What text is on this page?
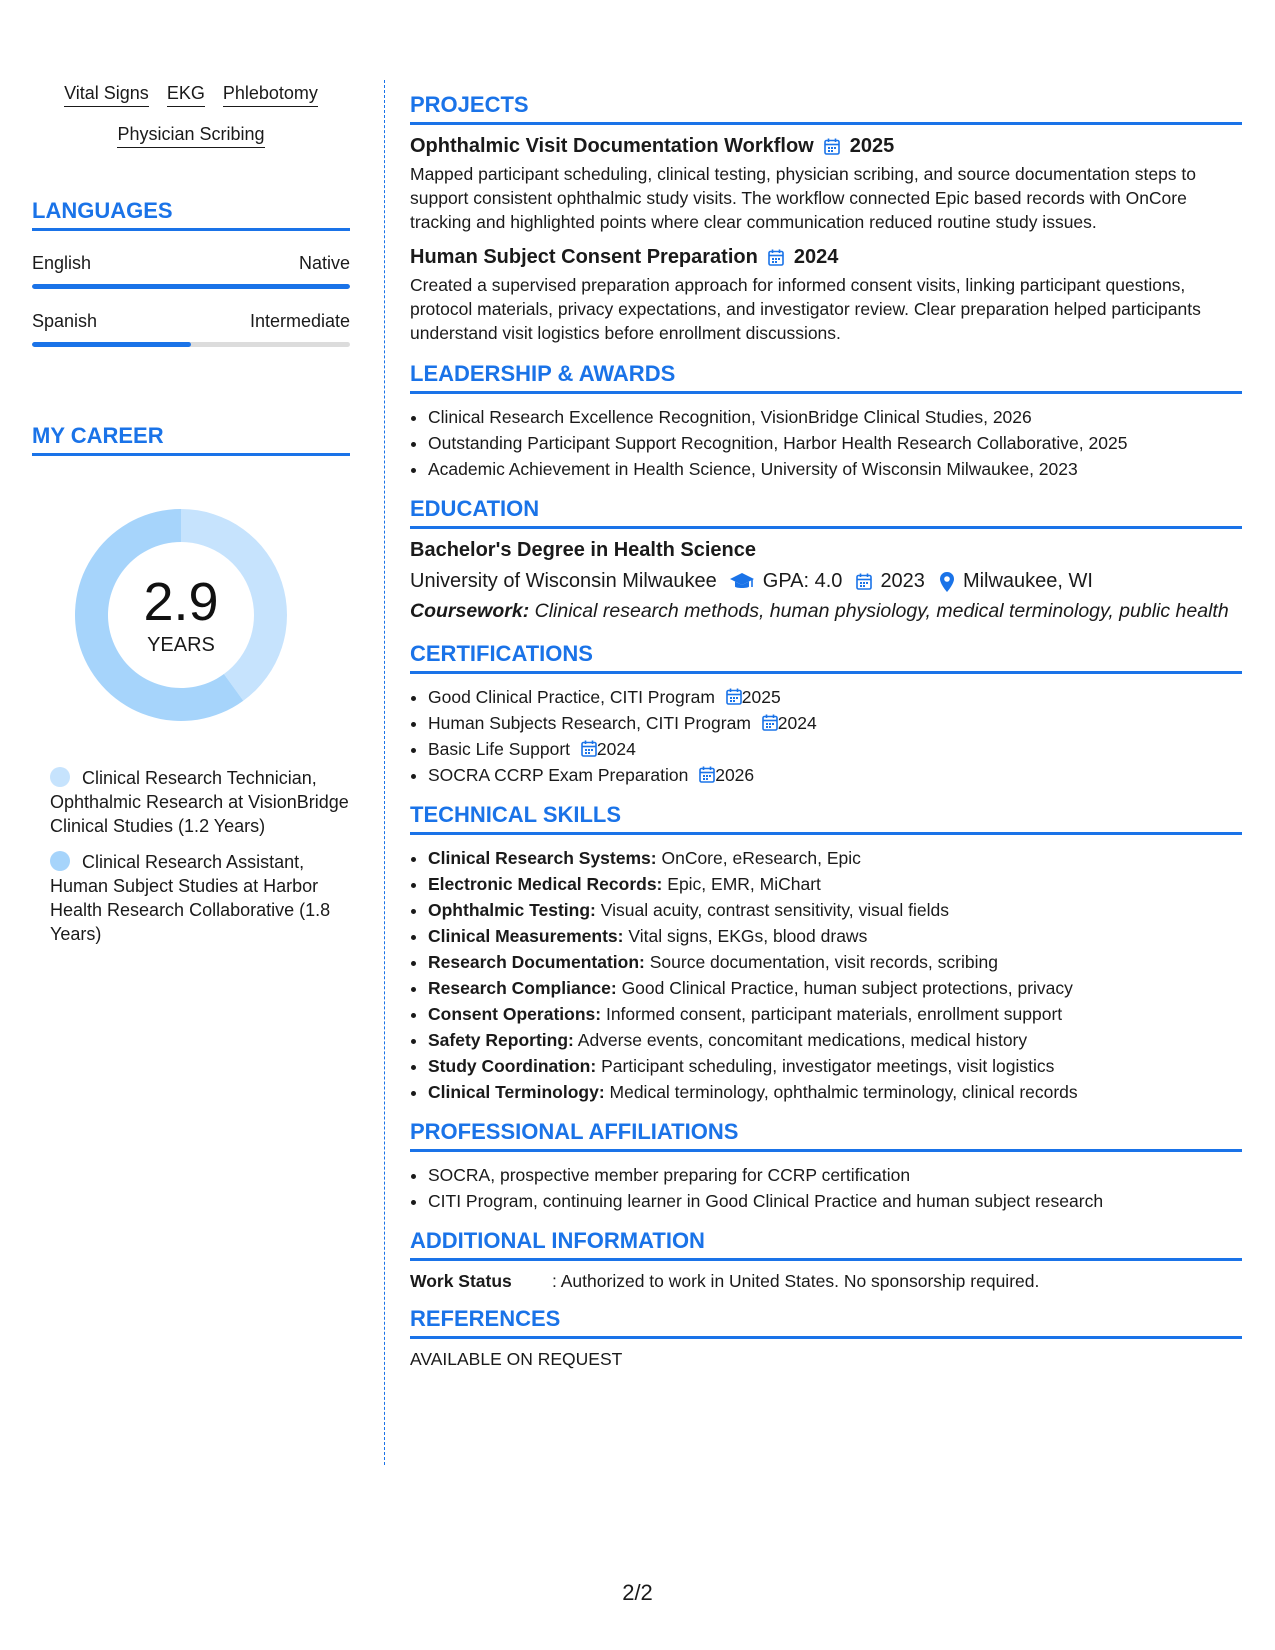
Vital Signs EKG Phlebotomy
Physician Scribing
LANGUAGES
English	Native
Spanish	Intermediate
MY CAREER
2.9
YEARS
Clinical Research Technician, Ophthalmic Research at VisionBridge Clinical Studies (1.2 Years)
Clinical Research Assistant, Human Subject Studies at Harbor Health Research Collaborative (1.8 Years)
PROJECTS
Ophthalmic Visit Documentation Workflow 2025
Mapped participant scheduling, clinical testing, physician scribing, and source documentation steps to support consistent ophthalmic study visits. The workflow connected Epic based records with OnCore tracking and highlighted points where clear communication reduced routine study issues.
Human Subject Consent Preparation 2024
Created a supervised preparation approach for informed consent visits, linking participant questions, protocol materials, privacy expectations, and investigator review. Clear preparation helped participants understand visit logistics before enrollment discussions.
LEADERSHIP & AWARDS
• Clinical Research Excellence Recognition, VisionBridge Clinical Studies, 2026
• Outstanding Participant Support Recognition, Harbor Health Research Collaborative, 2025
• Academic Achievement in Health Science, University of Wisconsin Milwaukee, 2023
EDUCATION
Bachelor's Degree in Health Science
University of Wisconsin Milwaukee GPA: 4.0 2023 Milwaukee, WI
Coursework: Clinical research methods, human physiology, medical terminology, public health
CERTIFICATIONS
• Good Clinical Practice, CITI Program 2025
• Human Subjects Research, CITI Program 2024
• Basic Life Support 2024
• SOCRA CCRP Exam Preparation 2026
TECHNICAL SKILLS
• Clinical Research Systems: OnCore, eResearch, Epic
• Electronic Medical Records: Epic, EMR, MiChart
• Ophthalmic Testing: Visual acuity, contrast sensitivity, visual fields
• Clinical Measurements: Vital signs, EKGs, blood draws
• Research Documentation: Source documentation, visit records, scribing
• Research Compliance: Good Clinical Practice, human subject protections, privacy
• Consent Operations: Informed consent, participant materials, enrollment support
• Safety Reporting: Adverse events, concomitant medications, medical history
• Study Coordination: Participant scheduling, investigator meetings, visit logistics
• Clinical Terminology: Medical terminology, ophthalmic terminology, clinical records
PROFESSIONAL AFFILIATIONS
• SOCRA, prospective member preparing for CCRP certification
• CITI Program, continuing learner in Good Clinical Practice and human subject research
ADDITIONAL INFORMATION
Work Status	: Authorized to work in United States. No sponsorship required.
REFERENCES
AVAILABLE ON REQUEST
2/2
